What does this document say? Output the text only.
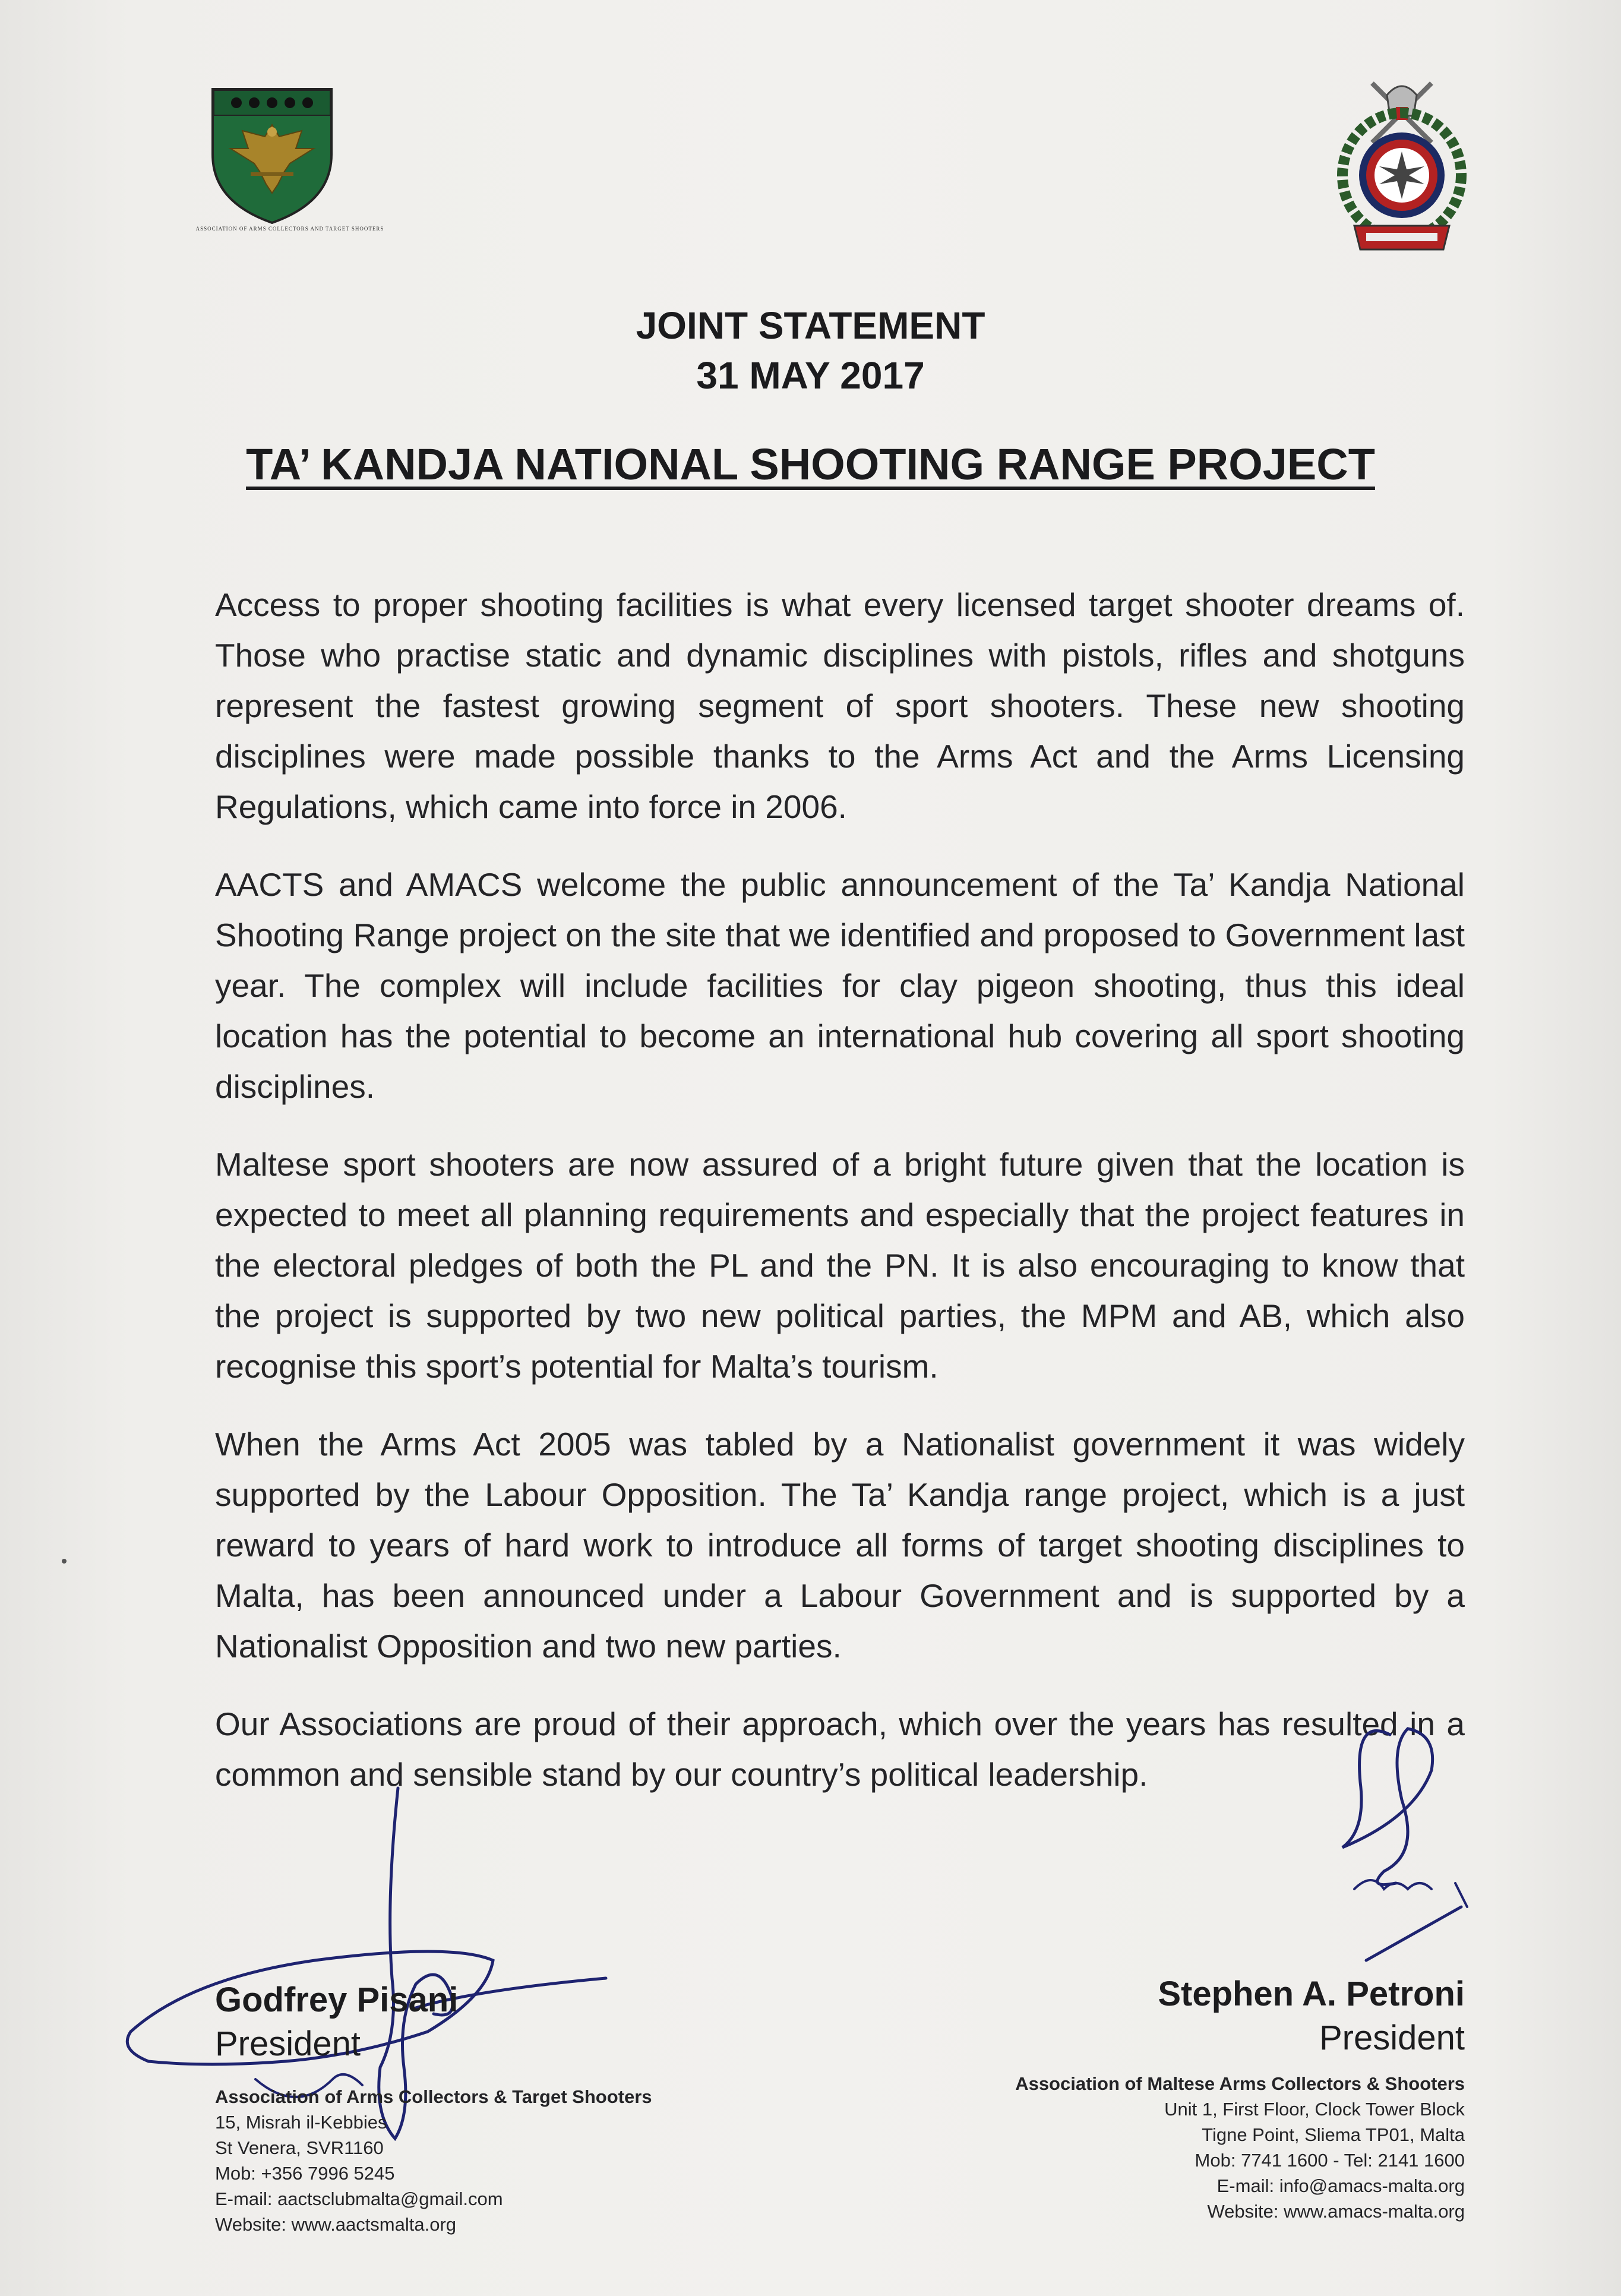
ASSOCIATION OF ARMS COLLECTORS AND TARGET SHOOTERS
JOINT STATEMENT
31 MAY 2017
TA’ KANDJA NATIONAL SHOOTING RANGE PROJECT

Access to proper shooting facilities is what every licensed target shooter dreams of. Those who practise static and dynamic disciplines with pistols, rifles and shotguns represent the fastest growing segment of sport shooters. These new shooting disciplines were made possible thanks to the Arms Act and the Arms Licensing Regulations, which came into force in 2006.

AACTS and AMACS welcome the public announcement of the Ta’ Kandja National Shooting Range project on the site that we identified and proposed to Government last year. The complex will include facilities for clay pigeon shooting, thus this ideal location has the potential to become an international hub covering all sport shooting disciplines.

Maltese sport shooters are now assured of a bright future given that the location is expected to meet all planning requirements and especially that the project features in the electoral pledges of both the PL and the PN. It is also encouraging to know that the project is supported by two new political parties, the MPM and AB, which also recognise this sport’s potential for Malta’s tourism.

When the Arms Act 2005 was tabled by a Nationalist government it was widely supported by the Labour Opposition. The Ta’ Kandja range project, which is a just reward to years of hard work to introduce all forms of target shooting disciplines to Malta, has been announced under a Labour Government and is supported by a Nationalist Opposition and two new parties.

Our Associations are proud of their approach, which over the years has resulted in a common and sensible stand by our country’s political leadership.

Godfrey Pisani
President
Association of Arms Collectors & Target Shooters
15, Misrah il-Kebbies
St Venera, SVR1160
Mob: +356 7996 5245
E-mail: aactsclubmalta@gmail.com
Website: www.aactsmalta.org
Stephen A. Petroni
President
Association of Maltese Arms Collectors & Shooters
Unit 1, First Floor, Clock Tower Block
Tigne Point, Sliema TP01, Malta
Mob: 7741 1600 - Tel: 2141 1600
E-mail: info@amacs-malta.org
Website: www.amacs-malta.org
